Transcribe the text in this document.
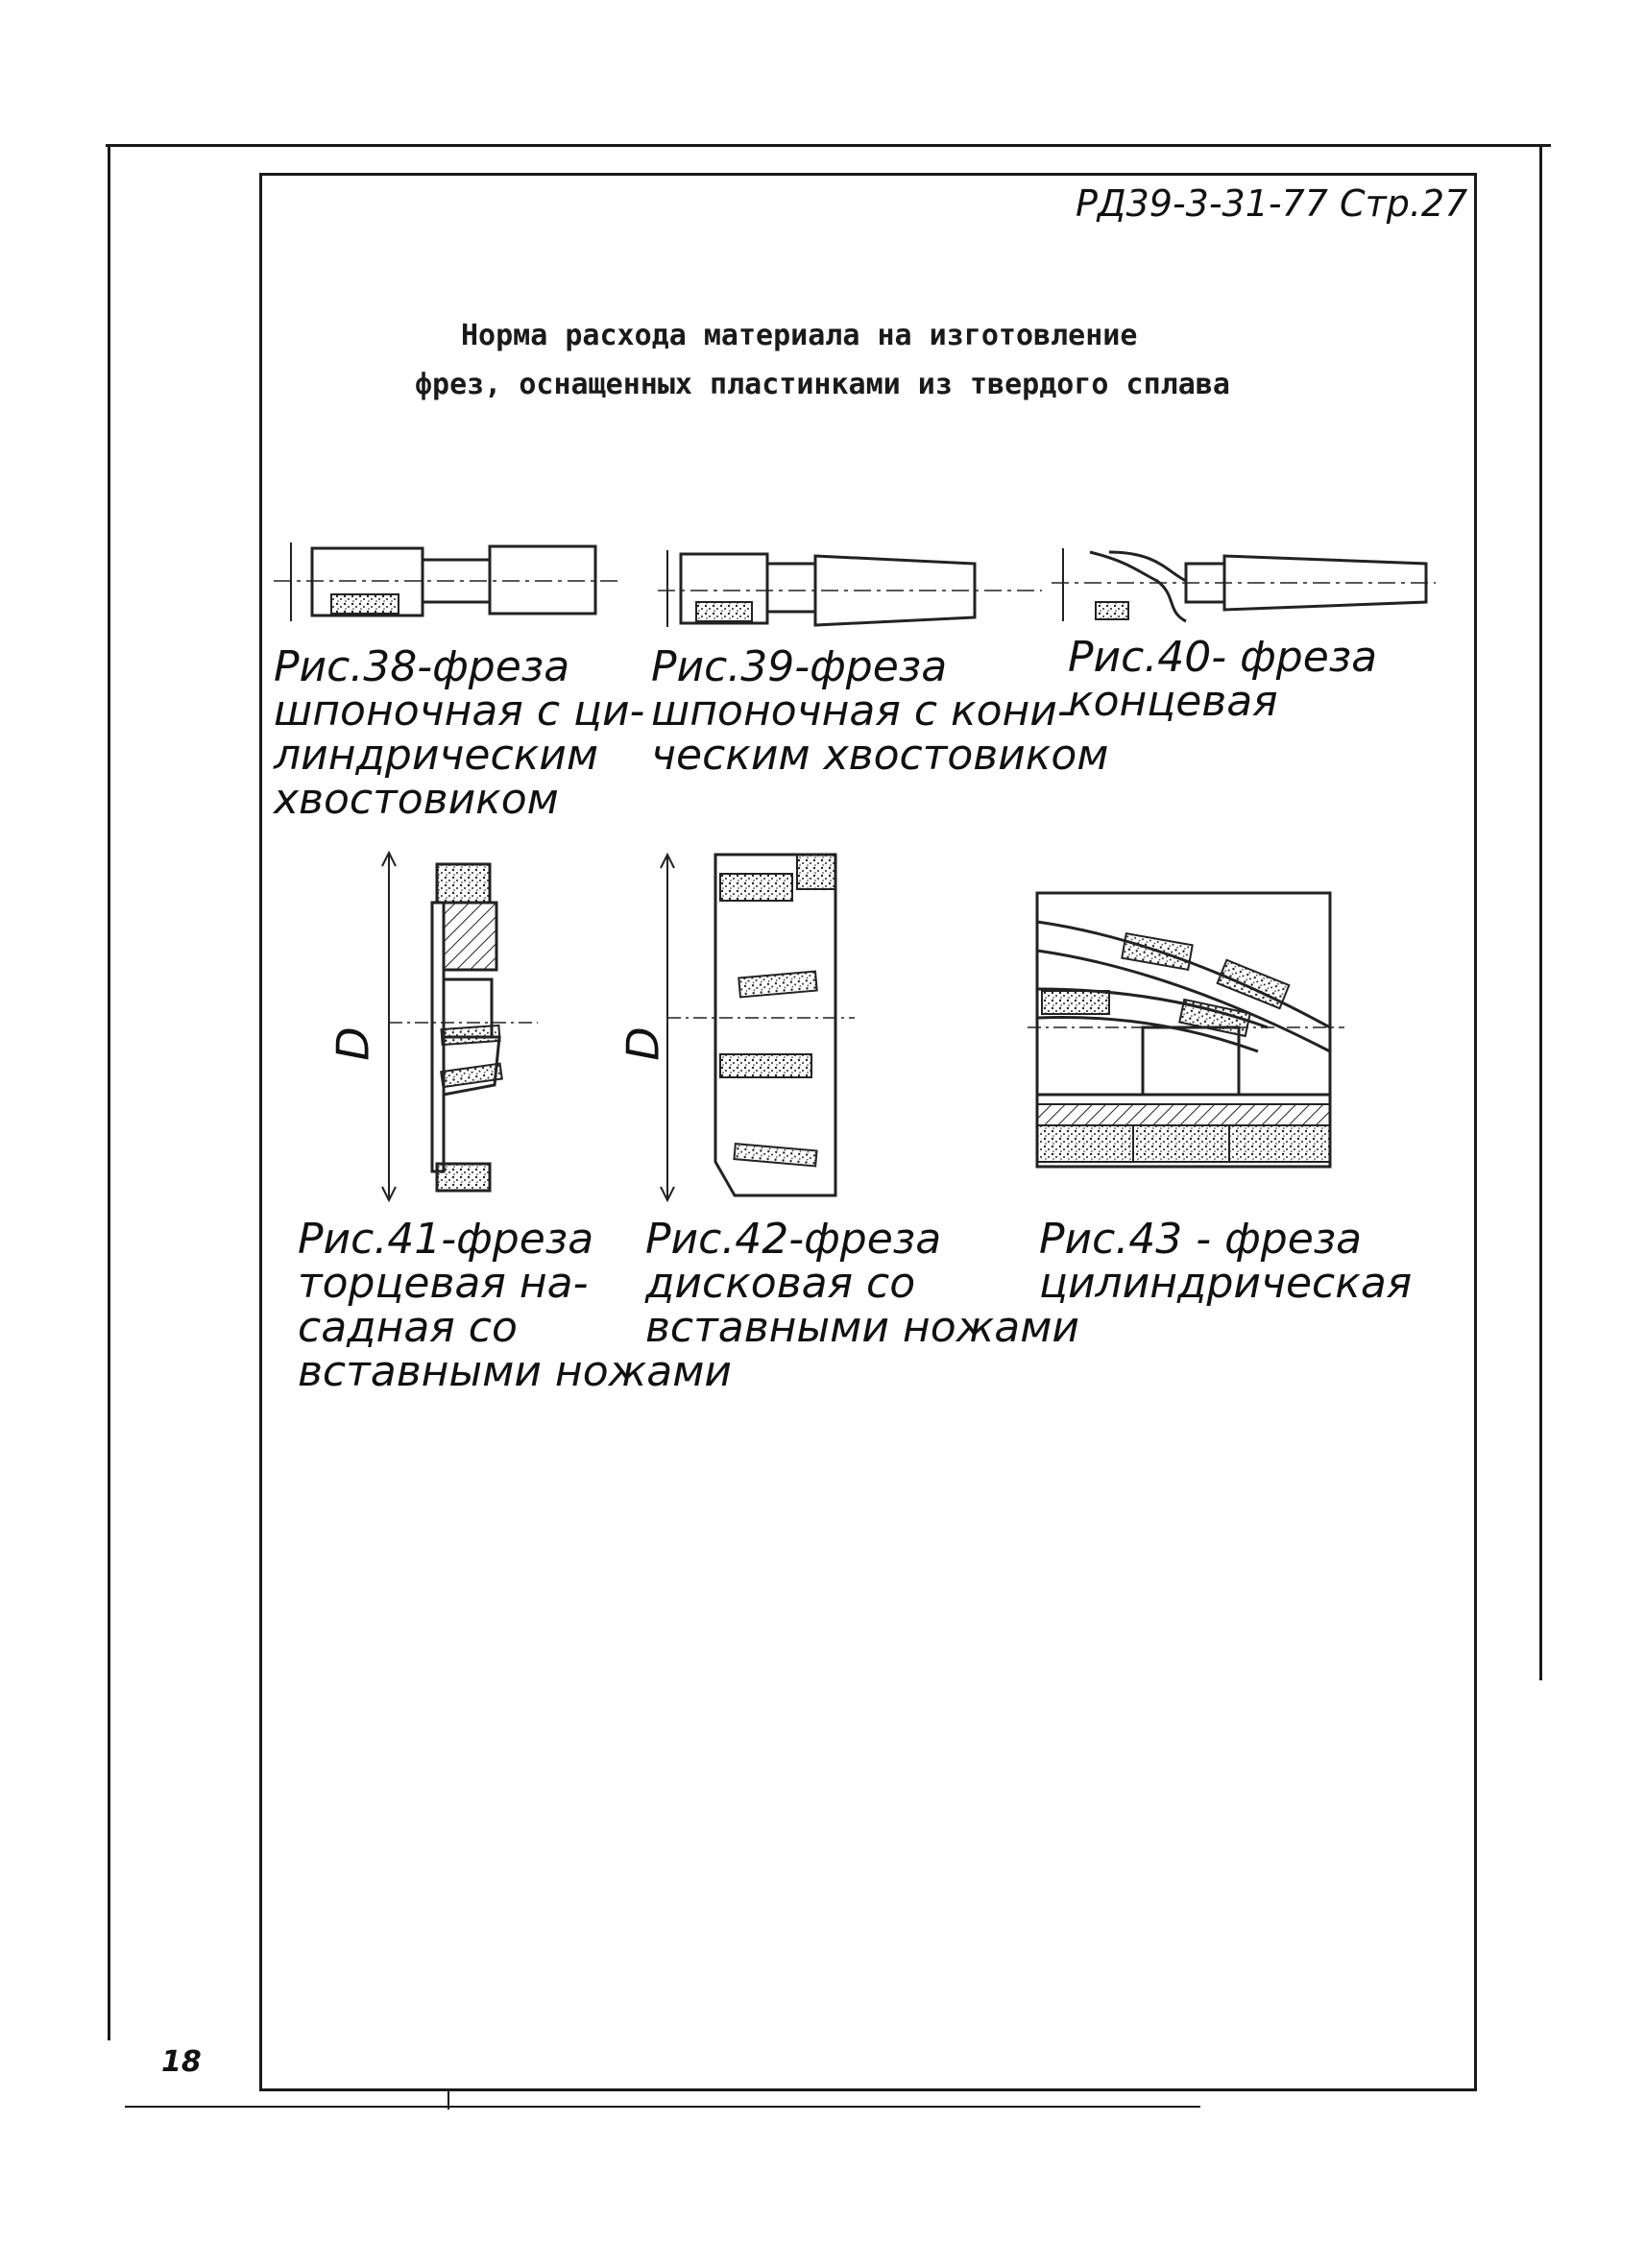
РД39-3-31-77 Стр.27
Норма расхода материала на изготовление
фрез, оснащенных пластинками из твердого сплава
Рис.38-фреза
шпоночная с ци-
линдрическим
хвостовиком
Рис.39-фреза
шпоночная с кони-
ческим хвостовиком
Рис.40- фреза
концевая
D
Рис.41-фреза
торцевая на-
садная со
вставными ножами
D
Рис.42-фреза
дисковая со
вставными ножами
Рис.43 - фреза
цилиндрическая
18
